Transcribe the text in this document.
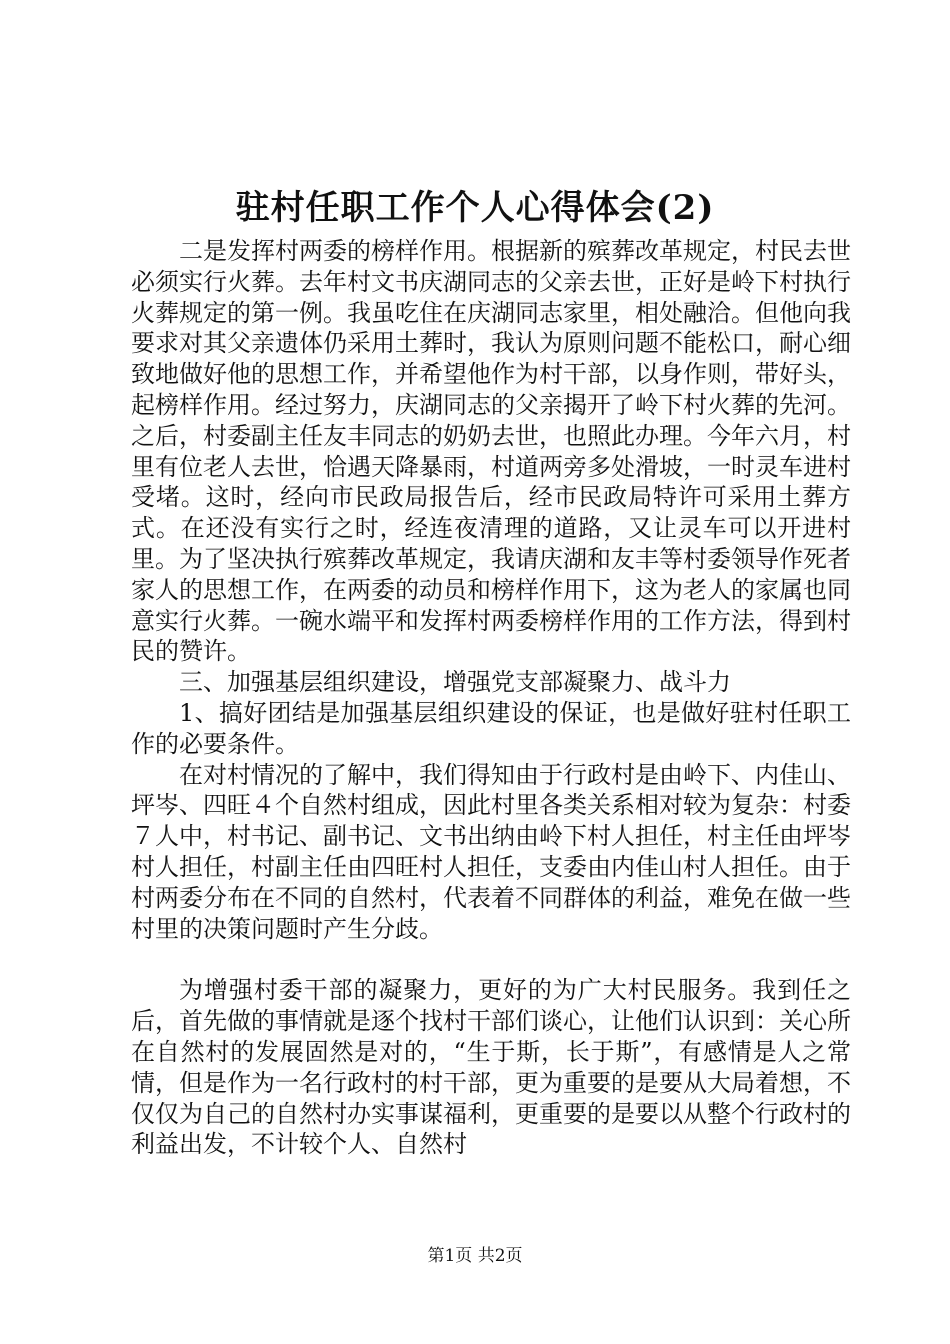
驻村任职工作个人心得体会(2)

二是发挥村两委的榜样作用。根据新的殡葬改革规定，村民去世必须实行火葬。去年村文书庆湖同志的父亲去世，正好是岭下村执行火葬规定的第一例。我虽吃住在庆湖同志家里，相处融洽。但他向我要求对其父亲遗体仍采用土葬时，我认为原则问题不能松口，耐心细致地做好他的思想工作，并希望他作为村干部，以身作则，带好头，起榜样作用。经过努力，庆湖同志的父亲揭开了岭下村火葬的先河。之后，村委副主任友丰同志的奶奶去世，也照此办理。今年六月，村里有位老人去世，恰遇天降暴雨，村道两旁多处滑坡，一时灵车进村受堵。这时，经向市民政局报告后，经市民政局特许可采用土葬方式。在还没有实行之时，经连夜清理的道路，又让灵车可以开进村里。为了坚决执行殡葬改革规定，我请庆湖和友丰等村委领导作死者家人的思想工作，在两委的动员和榜样作用下，这为老人的家属也同意实行火葬。一碗水端平和发挥村两委榜样作用的工作方法，得到村民的赞许。

三、加强基层组织建设，增强党支部凝聚力、战斗力

1、搞好团结是加强基层组织建设的保证，也是做好驻村任职工作的必要条件。

在对村情况的了解中，我们得知由于行政村是由岭下、内佳山、坪岑、四旺４个自然村组成，因此村里各类关系相对较为复杂：村委７人中，村书记、副书记、文书出纳由岭下村人担任，村主任由坪岑村人担任，村副主任由四旺村人担任，支委由内佳山村人担任。由于村两委分布在不同的自然村，代表着不同群体的利益，难免在做一些村里的决策问题时产生分歧。

为增强村委干部的凝聚力，更好的为广大村民服务。我到任之后，首先做的事情就是逐个找村干部们谈心，让他们认识到：关心所在自然村的发展固然是对的，“生于斯，长于斯”，有感情是人之常情，但是作为一名行政村的村干部，更为重要的是要从大局着想，不仅仅为自己的自然村办实事谋福利，更重要的是要以从整个行政村的利益出发，不计较个人、自然村

第1页 共2页
